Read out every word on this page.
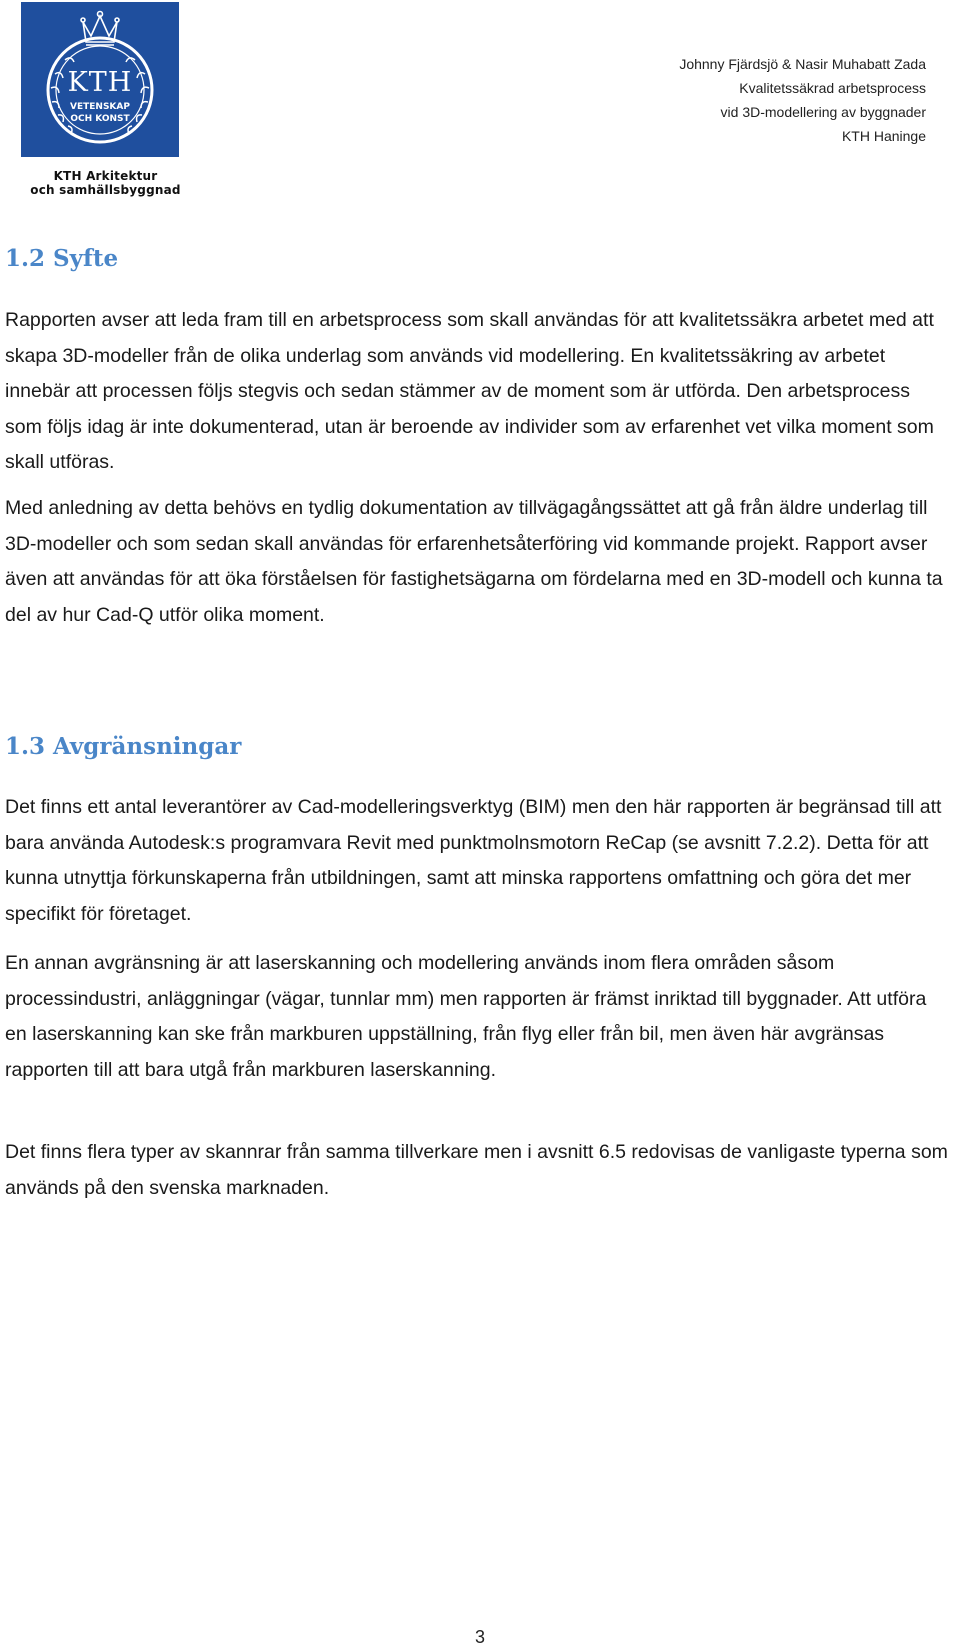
KTH
VETENSKAP
OCH KONST
KTH Arkitektur
och samhällsbyggnad
Johnny Fjärdsjö & Nasir Muhabatt Zada
Kvalitetssäkrad arbetsprocess
vid 3D-modellering av byggnader
KTH Haninge
1.2 Syfte

Rapporten avser att leda fram till en arbetsprocess som skall användas för att kvalitetssäkra arbetet med att skapa 3D-modeller från de olika underlag som används vid modellering. En kvalitetssäkring av arbetet innebär att processen följs stegvis och sedan stämmer av de moment som är utförda. Den arbetsprocess som följs idag är inte dokumenterad, utan är beroende av individer som av erfarenhet vet vilka moment som skall utföras.

Med anledning av detta behövs en tydlig dokumentation av tillvägagångssättet att gå från äldre underlag till 3D-modeller och som sedan skall användas för erfarenhetsåterföring vid kommande projekt. Rapport avser även att användas för att öka förståelsen för fastighetsägarna om fördelarna med en 3D-modell och kunna ta del av hur Cad-Q utför olika moment.

1.3 Avgränsningar

Det finns ett antal leverantörer av Cad-modelleringsverktyg (BIM) men den här rapporten är begränsad till att bara använda Autodesk:s programvara Revit med punktmolnsmotorn ReCap (se avsnitt 7.2.2). Detta för att kunna utnyttja förkunskaperna från utbildningen, samt att minska rapportens omfattning och göra det mer specifikt för företaget.

En annan avgränsning är att laserskanning och modellering används inom flera områden såsom processindustri, anläggningar (vägar, tunnlar mm) men rapporten är främst inriktad till byggnader. Att utföra en laserskanning kan ske från markburen uppställning, från flyg eller från bil, men även här avgränsas rapporten till att bara utgå från markburen laserskanning.

Det finns flera typer av skannrar från samma tillverkare men i avsnitt 6.5 redovisas de vanligaste typerna som används på den svenska marknaden.

3
